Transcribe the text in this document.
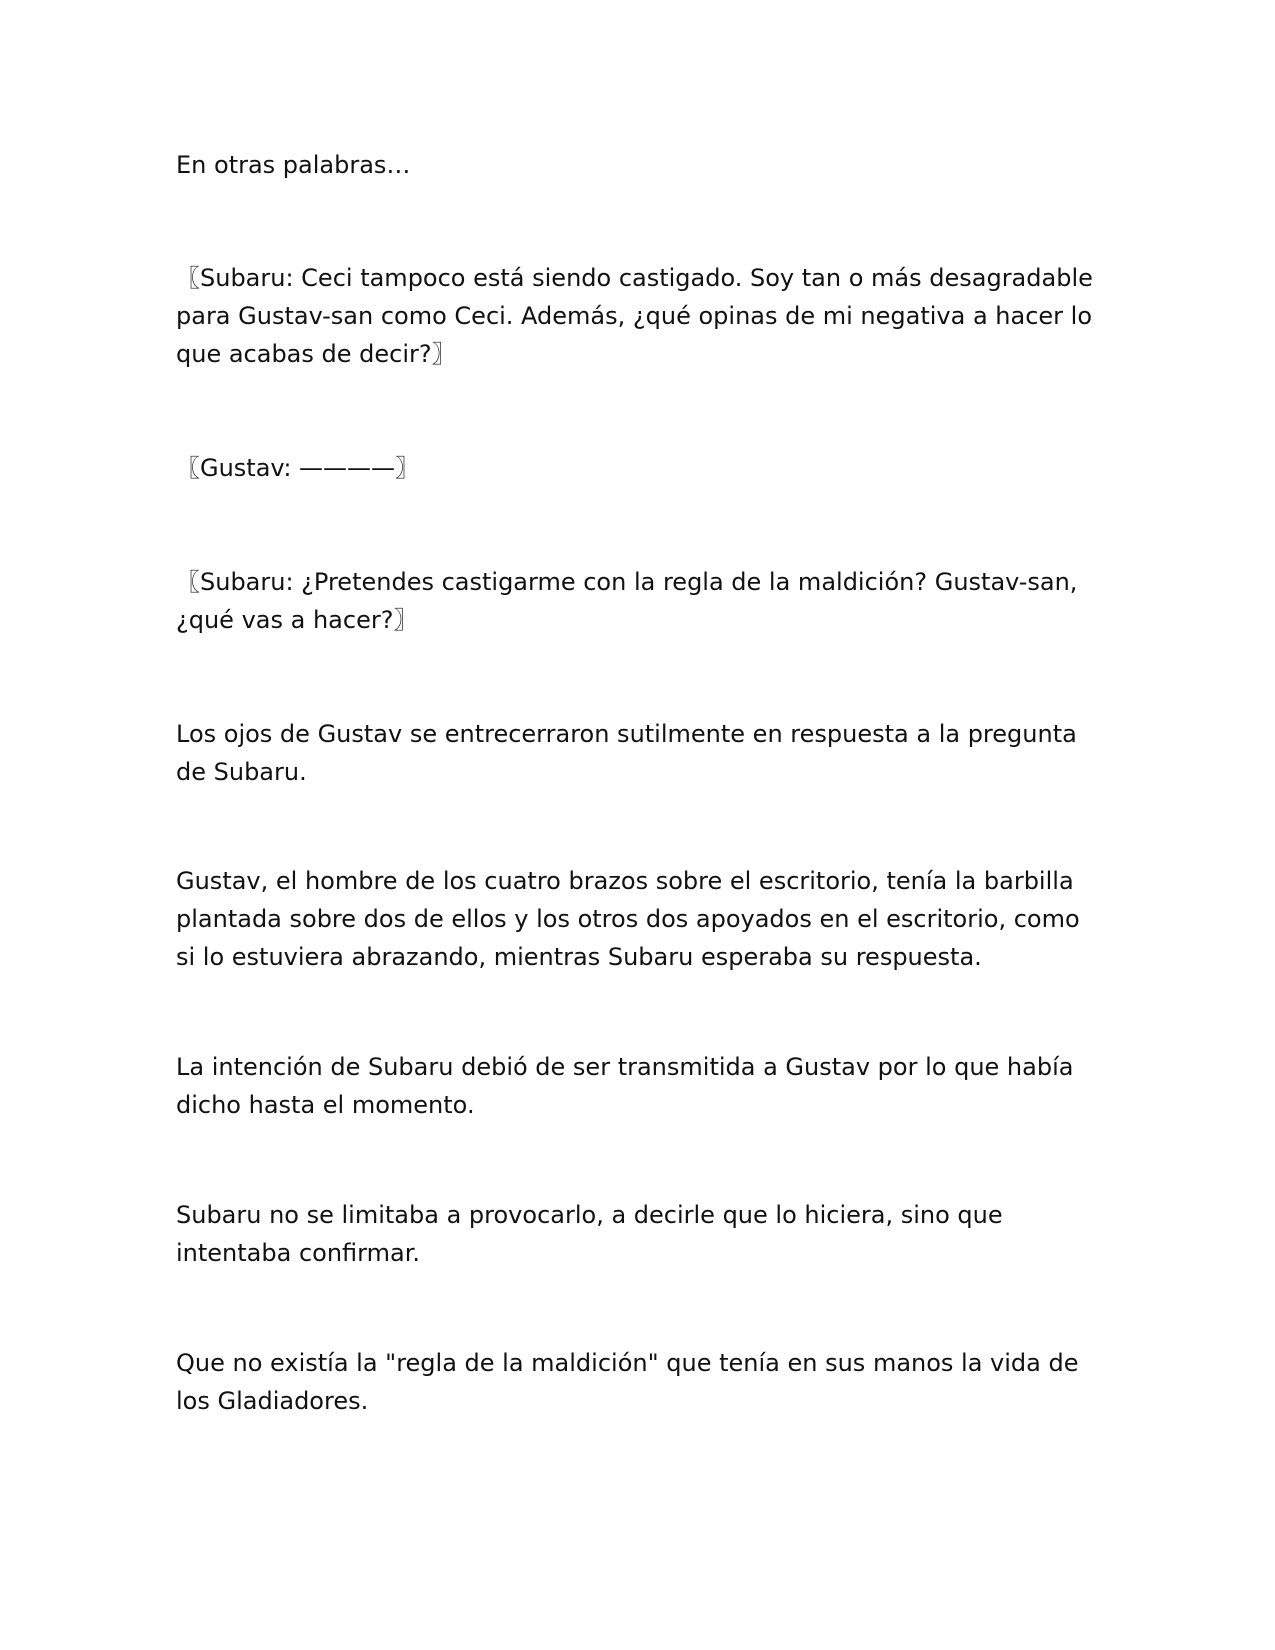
En otras palabras…

〖Subaru: Ceci tampoco está siendo castigado. Soy tan o más desagradable para Gustav-san como Ceci. Además, ¿qué opinas de mi negativa a hacer lo que acabas de decir?〗

〖Gustav: ————〗

〖Subaru: ¿Pretendes castigarme con la regla de la maldición? Gustav-san, ¿qué vas a hacer?〗

Los ojos de Gustav se entrecerraron sutilmente en respuesta a la pregunta de Subaru.

Gustav, el hombre de los cuatro brazos sobre el escritorio, tenía la barbilla plantada sobre dos de ellos y los otros dos apoyados en el escritorio, como si lo estuviera abrazando, mientras Subaru esperaba su respuesta.

La intención de Subaru debió de ser transmitida a Gustav por lo que había dicho hasta el momento.

Subaru no se limitaba a provocarlo, a decirle que lo hiciera, sino que intentaba confirmar.

Que no existía la "regla de la maldición" que tenía en sus manos la vida de los Gladiadores.
